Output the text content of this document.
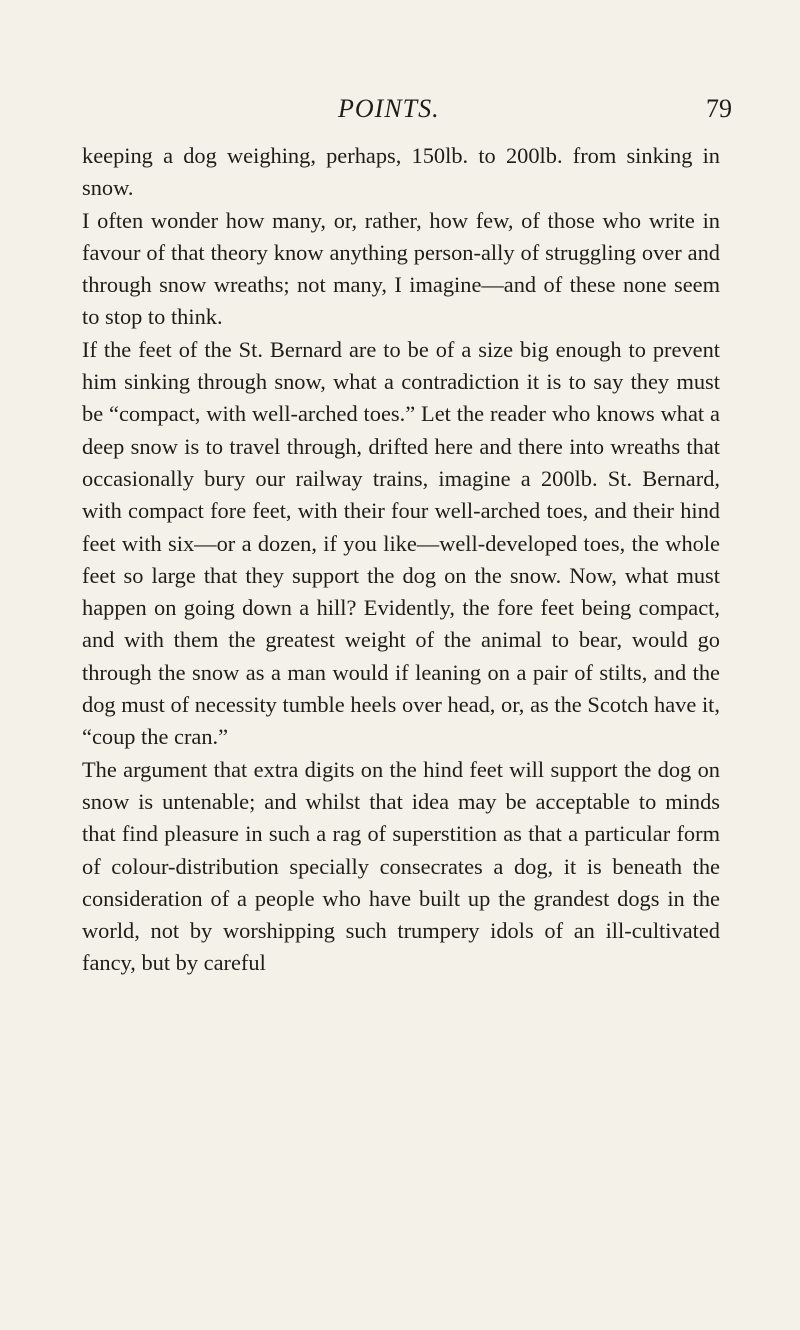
POINTS.	79

keeping a dog weighing, perhaps, 150lb. to 200lb. from sinking in snow.

I often wonder how many, or, rather, how few, of those who write in favour of that theory know anything person-ally of struggling over and through snow wreaths; not many, I imagine—and of these none seem to stop to think.

If the feet of the St. Bernard are to be of a size big enough to prevent him sinking through snow, what a contradiction it is to say they must be “compact, with well-arched toes.” Let the reader who knows what a deep snow is to travel through, drifted here and there into wreaths that occasionally bury our railway trains, imagine a 200lb. St. Bernard, with compact fore feet, with their four well-arched toes, and their hind feet with six—or a dozen, if you like—well-developed toes, the whole feet so large that they support the dog on the snow. Now, what must happen on going down a hill? Evidently, the fore feet being compact, and with them the greatest weight of the animal to bear, would go through the snow as a man would if leaning on a pair of stilts, and the dog must of necessity tumble heels over head, or, as the Scotch have it, “coup the cran.”

The argument that extra digits on the hind feet will support the dog on snow is untenable; and whilst that idea may be acceptable to minds that find pleasure in such a rag of superstition as that a particular form of colour-distribution specially consecrates a dog, it is beneath the consideration of a people who have built up the grandest dogs in the world, not by worshipping such trumpery idols of an ill-cultivated fancy, but by careful
